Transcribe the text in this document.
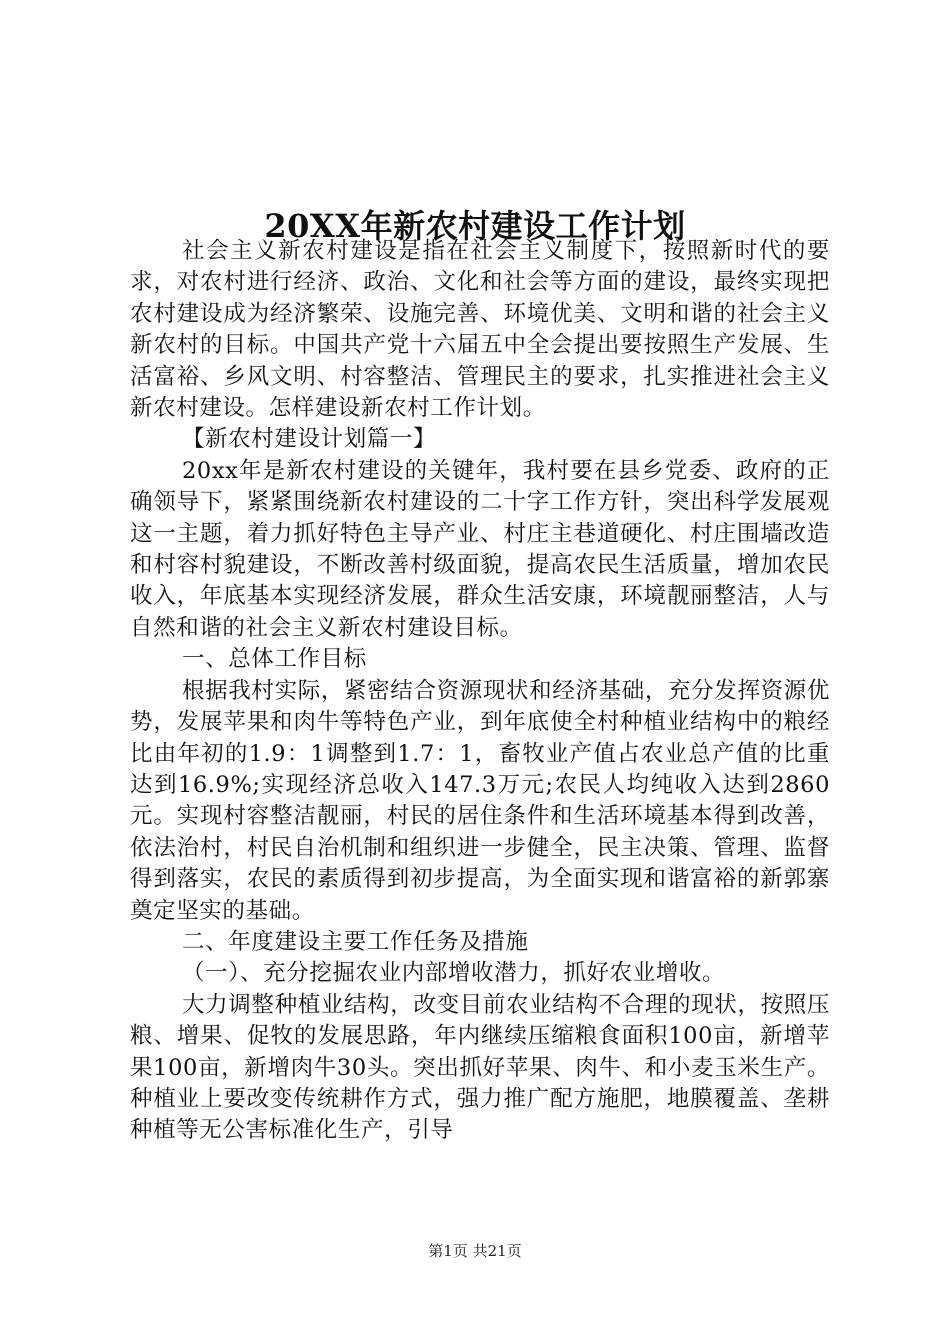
20XX年新农村建设工作计划

社会主义新农村建设是指在社会主义制度下，按照新时代的要求，对农村进行经济、政治、文化和社会等方面的建设，最终实现把农村建设成为经济繁荣、设施完善、环境优美、文明和谐的社会主义新农村的目标。中国共产党十六届五中全会提出要按照生产发展、生活富裕、乡风文明、村容整洁、管理民主的要求，扎实推进社会主义新农村建设。怎样建设新农村工作计划。

【新农村建设计划篇一】

20xx年是新农村建设的关键年，我村要在县乡党委、政府的正确领导下，紧紧围绕新农村建设的二十字工作方针，突出科学发展观这一主题，着力抓好特色主导产业、村庄主巷道硬化、村庄围墙改造和村容村貌建设，不断改善村级面貌，提高农民生活质量，增加农民收入，年底基本实现经济发展，群众生活安康，环境靓丽整洁，人与自然和谐的社会主义新农村建设目标。

一、总体工作目标

根据我村实际，紧密结合资源现状和经济基础，充分发挥资源优势，发展苹果和肉牛等特色产业，到年底使全村种植业结构中的粮经比由年初的1.9：1调整到1.7：1，畜牧业产值占农业总产值的比重达到16.9%;实现经济总收入147.3万元;农民人均纯收入达到2860元。实现村容整洁靓丽，村民的居住条件和生活环境基本得到改善，依法治村，村民自治机制和组织进一步健全，民主决策、管理、监督得到落实，农民的素质得到初步提高，为全面实现和谐富裕的新郭寨奠定坚实的基础。

二、年度建设主要工作任务及措施

（一）、充分挖掘农业内部增收潜力，抓好农业增收。

大力调整种植业结构，改变目前农业结构不合理的现状，按照压粮、增果、促牧的发展思路，年内继续压缩粮食面积100亩，新增苹果100亩，新增肉牛30头。突出抓好苹果、肉牛、和小麦玉米生产。种植业上要改变传统耕作方式，强力推广配方施肥，地膜覆盖、垄耕种植等无公害标准化生产，引导

第1页 共21页
